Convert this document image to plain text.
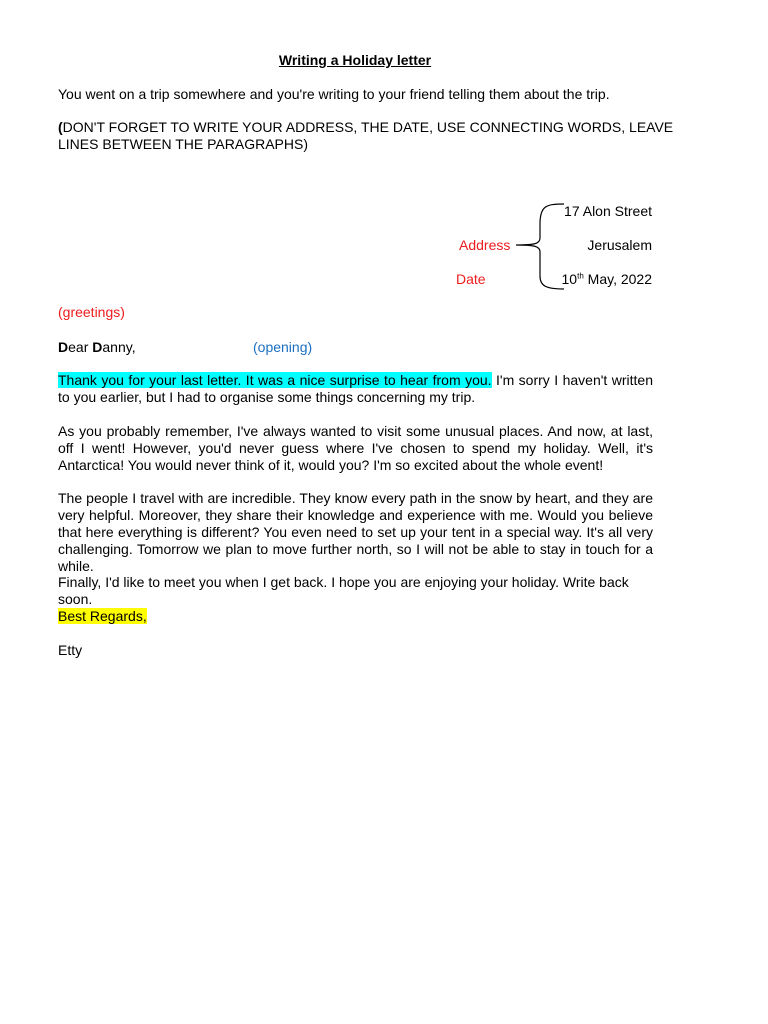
Writing a Holiday letter
You went on a trip somewhere and you're writing to your friend telling them about the trip.
(DON'T FORGET TO WRITE YOUR ADDRESS, THE DATE, USE CONNECTING WORDS, LEAVE
LINES BETWEEN THE PARAGRAPHS)
17 Alon Street
Address	Jerusalem
Date	10th May, 2022
(greetings)
Dear Danny,	(opening)
Thank you for your last letter. It was a nice surprise to hear from you. I'm sorry I haven't written to you earlier, but I had to organise some things concerning my trip.
As you probably remember, I've always wanted to visit some unusual places. And now, at last, off I went! However, you'd never guess where I've chosen to spend my holiday. Well, it's Antarctica! You would never think of it, would you? I'm so excited about the whole event!
The people I travel with are incredible. They know every path in the snow by heart, and they are very helpful. Moreover, they share their knowledge and experience with me. Would you believe that here everything is different? You even need to set up your tent in a special way. It's all very challenging. Tomorrow we plan to move further north, so I will not be able to stay in touch for a while.
Finally, I'd like to meet you when I get back. I hope you are enjoying your holiday. Write back soon.
Best Regards,
Etty
